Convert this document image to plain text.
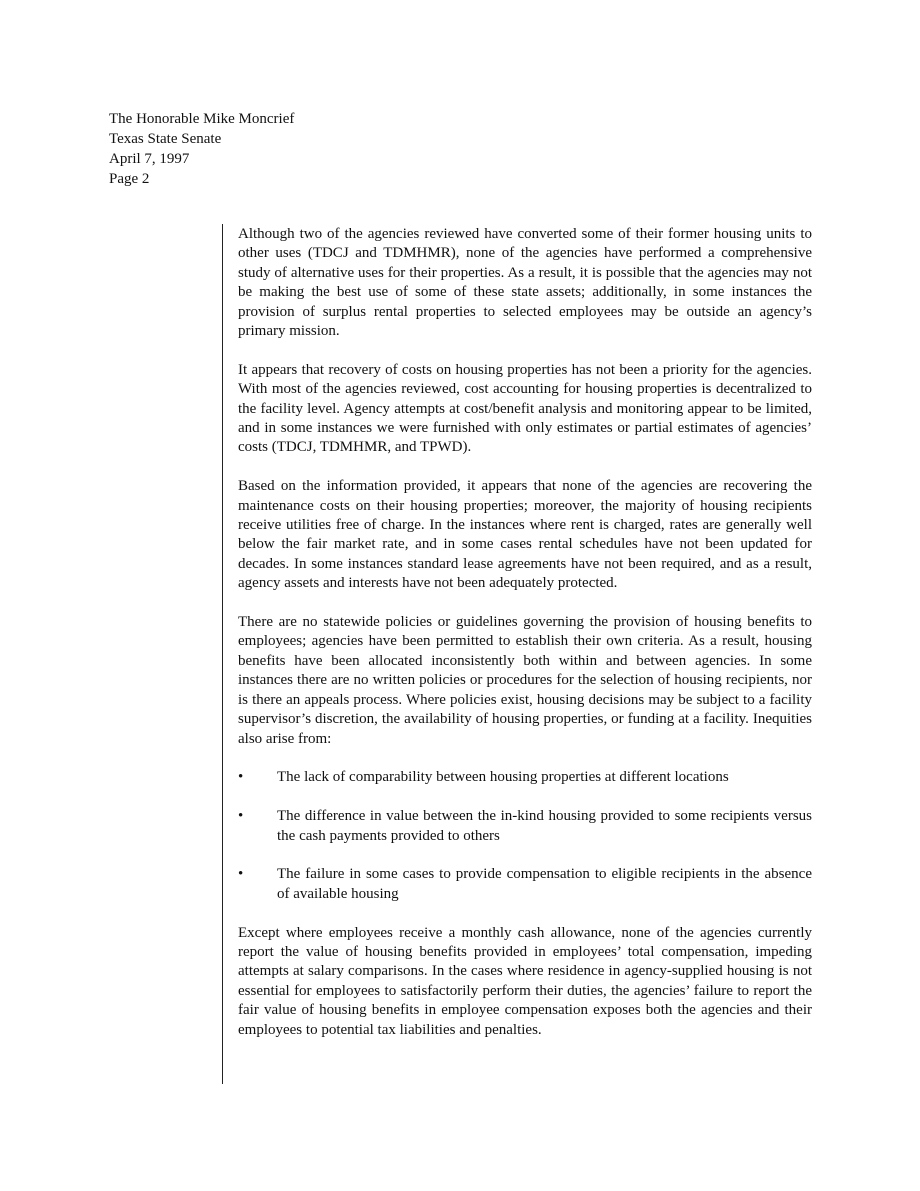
The Honorable Mike Moncrief
Texas State Senate
April 7, 1997
Page 2

Although two of the agencies reviewed have converted some of their former housing units to other uses (TDCJ and TDMHMR), none of the agencies have performed a comprehensive study of alternative uses for their properties. As a result, it is possible that the agencies may not be making the best use of some of these state assets; additionally, in some instances the provision of surplus rental properties to selected employees may be outside an agency’s primary mission.

It appears that recovery of costs on housing properties has not been a priority for the agencies. With most of the agencies reviewed, cost accounting for housing properties is decentralized to the facility level. Agency attempts at cost/benefit analysis and monitoring appear to be limited, and in some instances we were furnished with only estimates or partial estimates of agencies’ costs (TDCJ, TDMHMR, and TPWD).

Based on the information provided, it appears that none of the agencies are recovering the maintenance costs on their housing properties; moreover, the majority of housing recipients receive utilities free of charge. In the instances where rent is charged, rates are generally well below the fair market rate, and in some cases rental schedules have not been updated for decades. In some instances standard lease agreements have not been required, and as a result, agency assets and interests have not been adequately protected.

There are no statewide policies or guidelines governing the provision of housing benefits to employees; agencies have been permitted to establish their own criteria. As a result, housing benefits have been allocated inconsistently both within and between agencies. In some instances there are no written policies or procedures for the selection of housing recipients, nor is there an appeals process. Where policies exist, housing decisions may be subject to a facility supervisor’s discretion, the availability of housing properties, or funding at a facility. Inequities also arise from:

•	The lack of comparability between housing properties at different locations
•	The difference in value between the in-kind housing provided to some recipients versus the cash payments provided to others
•	The failure in some cases to provide compensation to eligible recipients in the absence of available housing

Except where employees receive a monthly cash allowance, none of the agencies currently report the value of housing benefits provided in employees’ total compensation, impeding attempts at salary comparisons. In the cases where residence in agency-supplied housing is not essential for employees to satisfactorily perform their duties, the agencies’ failure to report the fair value of housing benefits in employee compensation exposes both the agencies and their employees to potential tax liabilities and penalties.
